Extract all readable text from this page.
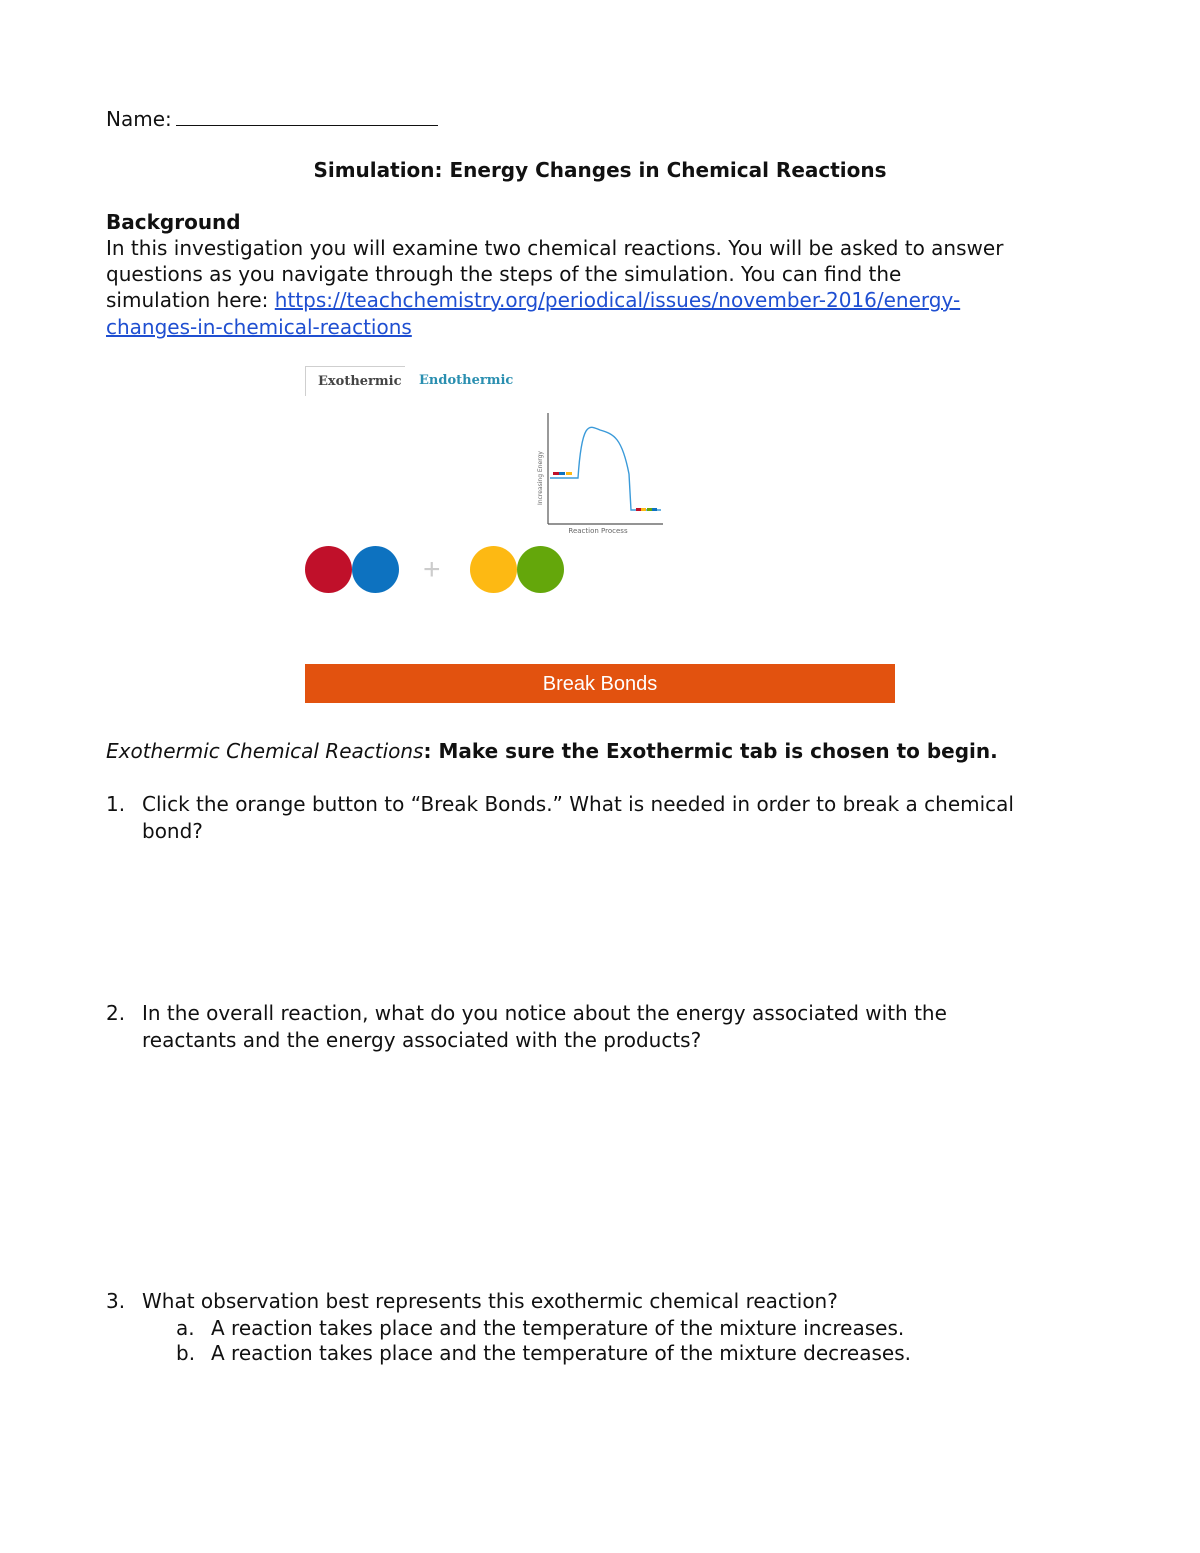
Name:
Simulation: Energy Changes in Chemical Reactions
Background
In this investigation you will examine two chemical reactions. You will be asked to answer
questions as you navigate through the steps of the simulation. You can find the
simulation here: https://teachchemistry.org/periodical/issues/november-2016/energy-
changes-in-chemical-reactions
Exothermic Endothermic
Increasing Energy
Reaction Process
+
Break Bonds
Exothermic Chemical Reactions: Make sure the Exothermic tab is chosen to begin.
1. Click the orange button to “Break Bonds.” What is needed in order to break a chemical
bond?
2. In the overall reaction, what do you notice about the energy associated with the
reactants and the energy associated with the products?
3. What observation best represents this exothermic chemical reaction?
a. A reaction takes place and the temperature of the mixture increases.
b. A reaction takes place and the temperature of the mixture decreases.
